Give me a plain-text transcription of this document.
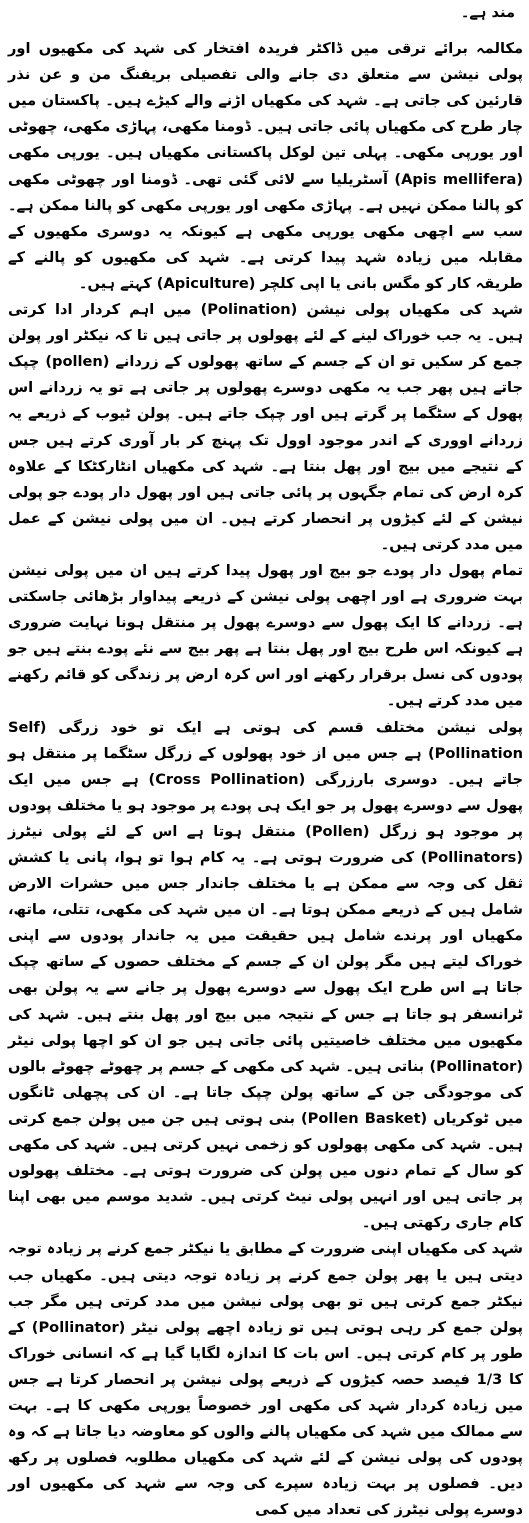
مند ہے۔

مکالمہ برائے ترقی میں ڈاکٹر فریدہ افتخار کی شہد کی مکھیوں اور پولی نیشن سے متعلق دی جانے والی تفصیلی بریفنگ من و عن نذر قارئین کی جاتی ہے۔ شہد کی مکھیاں اڑنے والے کیڑے ہیں۔ پاکستان میں چار طرح کی مکھیاں پائی جاتی ہیں۔ ڈومنا مکھی، پہاڑی مکھی، چھوٹی اور یورپی مکھی۔ پہلی تین لوکل پاکستانی مکھیاں ہیں۔ یورپی مکھی (Apis mellifera) آسٹریلیا سے لائی گئی تھی۔ ڈومنا اور چھوٹی مکھی کو پالنا ممکن نہیں ہے۔ پہاڑی مکھی اور یورپی مکھی کو پالنا ممکن ہے۔ سب سے اچھی مکھی یورپی مکھی ہے کیونکہ یہ دوسری مکھیوں کے مقابلہ میں زیادہ شہد پیدا کرتی ہے۔ شہد کی مکھیوں کو پالنے کے طریقہ کار کو مگس بانی یا اپی کلچر (Apiculture) کہتے ہیں۔

شہد کی مکھیاں پولی نیشن (Polination) میں اہم کردار ادا کرتی ہیں۔ یہ جب خوراک لینے کے لئے پھولوں پر جاتی ہیں تا کہ نیکٹر اور پولن جمع کر سکیں تو ان کے جسم کے ساتھ پھولوں کے زردانے (pollen) چپک جاتے ہیں پھر جب یہ مکھی دوسرے پھولوں پر جاتی ہے تو یہ زردانے اس پھول کے سٹگما پر گرتے ہیں اور چپک جاتے ہیں۔ پولن ٹیوب کے ذریعے یہ زردانے اووری کے اندر موجود اوول تک پہنچ کر بار آوری کرتے ہیں جس کے نتیجے میں بیج اور پھل بنتا ہے۔ شہد کی مکھیاں انٹارکٹکا کے علاوہ کرہ ارض کی تمام جگہوں پر پائی جاتی ہیں اور پھول دار پودے جو پولی نیشن کے لئے کیڑوں پر انحصار کرتے ہیں۔ ان میں پولی نیشن کے عمل میں مدد کرتی ہیں۔

تمام پھول دار پودے جو بیج اور پھول پیدا کرتے ہیں ان میں پولی نیشن بہت ضروری ہے اور اچھی پولی نیشن کے ذریعے پیداوار بڑھائی جاسکتی ہے۔ زردانے کا ایک پھول سے دوسرے پھول پر منتقل ہونا نہایت ضروری ہے کیونکہ اس طرح بیج اور پھل بنتا ہے پھر بیج سے نئے پودے بنتے ہیں جو پودوں کی نسل برقرار رکھنے اور اس کرہ ارض پر زندگی کو قائم رکھنے میں مدد کرتے ہیں۔

پولی نیشن مختلف قسم کی ہوتی ہے ایک تو خود زرگی (Self Pollination) ہے جس میں از خود پھولوں کے زرگل سٹگما پر منتقل ہو جاتے ہیں۔ دوسری بارزرگی (Cross Pollination) ہے جس میں ایک پھول سے دوسرے پھول پر جو ایک ہی پودے پر موجود ہو یا مختلف پودوں پر موجود ہو زرگل (Pollen) منتقل ہوتا ہے اس کے لئے پولی نیٹرز (Pollinators) کی ضرورت ہوتی ہے۔ یہ کام ہوا تو ہوا، پانی یا کشش ثقل کی وجہ سے ممکن ہے یا مختلف جاندار جس میں حشرات الارض شامل ہیں کے ذریعے ممکن ہوتا ہے۔ ان میں شہد کی مکھی، تتلی، ماتھ، مکھیاں اور پرندے شامل ہیں حقیقت میں یہ جاندار پودوں سے اپنی خوراک لیتے ہیں مگر پولن ان کے جسم کے مختلف حصوں کے ساتھ چپک جاتا ہے اس طرح ایک پھول سے دوسرے پھول پر جانے سے یہ پولن بھی ٹرانسفر ہو جاتا ہے جس کے نتیجہ میں بیج اور پھل بنتے ہیں۔ شہد کی مکھیوں میں مختلف خاصیتیں پائی جاتی ہیں جو ان کو اچھا پولی نیٹر (Pollinator) بناتی ہیں۔ شہد کی مکھی کے جسم پر چھوٹے چھوٹے بالوں کی موجودگی جن کے ساتھ پولن چپک جاتا ہے۔ ان کی پچھلی ٹانگوں میں ٹوکریاں (Pollen Basket) بنی ہوتی ہیں جن میں پولن جمع کرتی ہیں۔ شہد کی مکھی پھولوں کو زخمی نہیں کرتی ہیں۔ شہد کی مکھی کو سال کے تمام دنوں میں پولن کی ضرورت ہوتی ہے۔ مختلف پھولوں پر جاتی ہیں اور انہیں پولی نیٹ کرتی ہیں۔ شدید موسم میں بھی اپنا کام جاری رکھتی ہیں۔

شہد کی مکھیاں اپنی ضرورت کے مطابق یا نیکٹر جمع کرنے پر زیادہ توجہ دیتی ہیں یا پھر پولن جمع کرنے پر زیادہ توجہ دیتی ہیں۔ مکھیاں جب نیکٹر جمع کرتی ہیں تو بھی پولی نیشن میں مدد کرتی ہیں مگر جب پولن جمع کر رہی ہوتی ہیں تو زیادہ اچھے پولی نیٹر (Pollinator) کے طور پر کام کرتی ہیں۔ اس بات کا اندازہ لگایا گیا ہے کہ انسانی خوراک کا 1/3 فیصد حصہ کیڑوں کے ذریعے پولی نیشن پر انحصار کرتا ہے جس میں زیادہ کردار شہد کی مکھی اور خصوصاً یورپی مکھی کا ہے۔ بہت سے ممالک میں شہد کی مکھیاں پالنے والوں کو معاوضہ دیا جاتا ہے کہ وہ پودوں کی پولی نیشن کے لئے شہد کی مکھیاں مطلوبہ فصلوں پر رکھ دیں۔ فصلوں پر بہت زیادہ سپرے کی وجہ سے شہد کی مکھیوں اور دوسرے پولی نیٹرز کی تعداد میں کمی
